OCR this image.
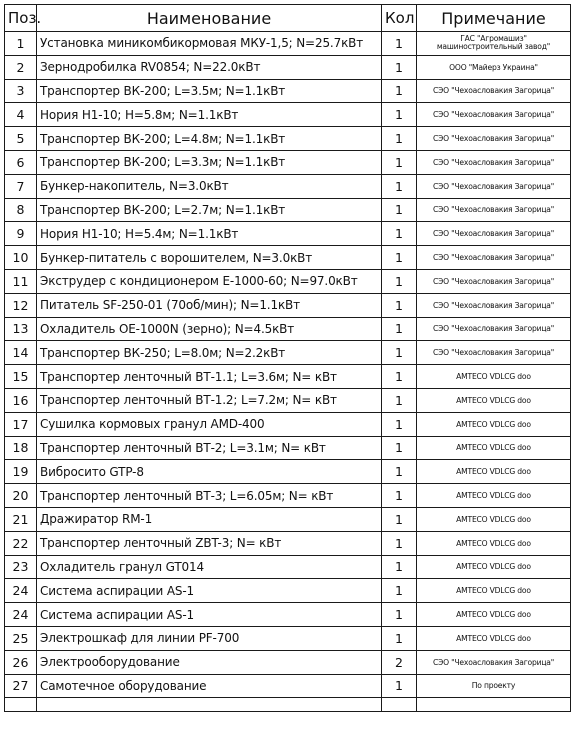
Поз.	Наименование	Кол	Примечание
1	Установка миникомбикормовая МКУ-1,5; N=25.7кВт	1	ГАС "Агромашиз" машиностроительный завод"
2	Зернодробилка RV0854; N=22.0кВт	1	ООО "Майерз Украина"
3	Транспортер ВК-200; L=3.5м; N=1.1кВт	1	СЭО "Чехоасловакия Загорица"
4	Нория Н1-10; Н=5.8м; N=1.1кВт	1	СЭО "Чехоасловакия Загорица"
5	Транспортер ВК-200; L=4.8м; N=1.1кВт	1	СЭО "Чехоасловакия Загорица"
6	Транспортер ВК-200; L=3.3м; N=1.1кВт	1	СЭО "Чехоасловакия Загорица"
7	Бункер-накопитель, N=3.0кВт	1	СЭО "Чехоасловакия Загорица"
8	Транспортер ВК-200; L=2.7м; N=1.1кВт	1	СЭО "Чехоасловакия Загорица"
9	Нория Н1-10; Н=5.4м; N=1.1кВт	1	СЭО "Чехоасловакия Загорица"
10	Бункер-питатель с ворошителем, N=3.0кВт	1	СЭО "Чехоасловакия Загорица"
11	Экструдер с кондиционером Е-1000-60; N=97.0кВт	1	СЭО "Чехоасловакия Загорица"
12	Питатель SF-250-01 (70об/мин); N=1.1кВт	1	СЭО "Чехоасловакия Загорица"
13	Охладитель ОЕ-1000N (зерно); N=4.5кВт	1	СЭО "Чехоасловакия Загорица"
14	Транспортер ВК-250; L=8.0м; N=2.2кВт	1	СЭО "Чехоасловакия Загорица"
15	Транспортер ленточный ВТ-1.1; L=3.6м; N= кВт	1	AMTECO VDLCG doo
16	Транспортер ленточный ВТ-1.2; L=7.2м; N= кВт	1	AMTECO VDLCG doo
17	Сушилка кормовых гранул AMD-400	1	AMTECO VDLCG doo
18	Транспортер ленточный ВТ-2; L=3.1м; N= кВт	1	AMTECO VDLCG doo
19	Вибросито GTP-8	1	AMTECO VDLCG doo
20	Транспортер ленточный ВТ-3; L=6.05м; N= кВт	1	AMTECO VDLCG doo
21	Дражиратор RM-1	1	AMTECO VDLCG doo
22	Транспортер ленточный ZBT-3; N= кВт	1	AMTECO VDLCG doo
23	Охладитель гранул GT014	1	AMTECO VDLCG doo
24	Система аспирации AS-1	1	AMTECO VDLCG doo
24	Система аспирации AS-1	1	AMTECO VDLCG doo
25	Электрошкаф для линии PF-700	1	AMTECO VDLCG doo
26	Электрооборудование	2	СЭО "Чехоасловакия Загорица"
27	Самотечное оборудование	1	По проекту
